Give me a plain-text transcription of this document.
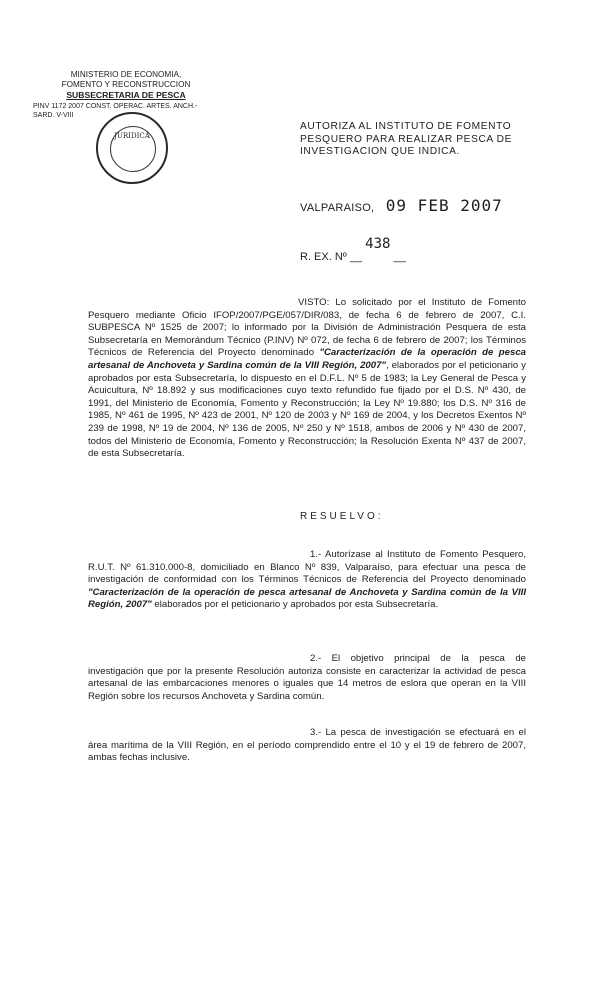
MINISTERIO DE ECONOMIA,
FOMENTO Y RECONSTRUCCION
SUBSECRETARIA DE PESCA
PINV 1172 2007 CONST. OPERAC. ARTES. ANCH.-SARD. V-VIII
JURIDICA
AUTORIZA AL INSTITUTO DE FOMENTO PESQUERO PARA REALIZAR PESCA DE INVESTIGACION QUE INDICA.
VALPARAISO, 09 FEB 2007
R. EX. Nº __ 438 __
VISTO: Lo solicitado por el Instituto de Fomento Pesquero mediante Oficio IFOP/2007/PGE/057/DIR/083, de fecha 6 de febrero de 2007, C.I. SUBPESCA Nº 1525 de 2007; lo informado por la División de Administración Pesquera de esta Subsecretaría en Memorándum Técnico (P.INV) Nº 072, de fecha 6 de febrero de 2007; los Términos Técnicos de Referencia del Proyecto denominado "Caracterización de la operación de pesca artesanal de Anchoveta y Sardina común de la VIII Región, 2007", elaborados por el peticionario y aprobados por esta Subsecretaría, lo dispuesto en el D.F.L. Nº 5 de 1983; la Ley General de Pesca y Acuicultura, Nº 18.892 y sus modificaciones cuyo texto refundido fue fijado por el D.S. Nº 430, de 1991, del Ministerio de Economía, Fomento y Reconstrucción; la Ley Nº 19.880; los D.S. Nº 316 de 1985, Nº 461 de 1995, Nº 423 de 2001, Nº 120 de 2003 y Nº 169 de 2004, y los Decretos Exentos Nº 239 de 1998, Nº 19 de 2004, Nº 136 de 2005, Nº 250 y Nº 1518, ambos de 2006 y Nº 430 de 2007, todos del Ministerio de Economía, Fomento y Reconstrucción; la Resolución Exenta Nº 437 de 2007, de esta Subsecretaría.
RESUELVO:
1.- Autorízase al Instituto de Fomento Pesquero, R.U.T. Nº 61.310.000-8, domiciliado en Blanco Nº 839, Valparaíso, para efectuar una pesca de investigación de conformidad con los Términos Técnicos de Referencia del Proyecto denominado "Caracterización de la operación de pesca artesanal de Anchoveta y Sardina común de la VIII Región, 2007" elaborados por el peticionario y aprobados por esta Subsecretaría.
2.- El objetivo principal de la pesca de investigación que por la presente Resolución autoriza consiste en caracterizar la actividad de pesca artesanal de las embarcaciones menores o iguales que 14 metros de eslora que operan en la VIII Región sobre los recursos Anchoveta y Sardina común.
3.- La pesca de investigación se efectuará en el área marítima de la VIII Región, en el período comprendido entre el 10 y el 19 de febrero de 2007, ambas fechas inclusive.
